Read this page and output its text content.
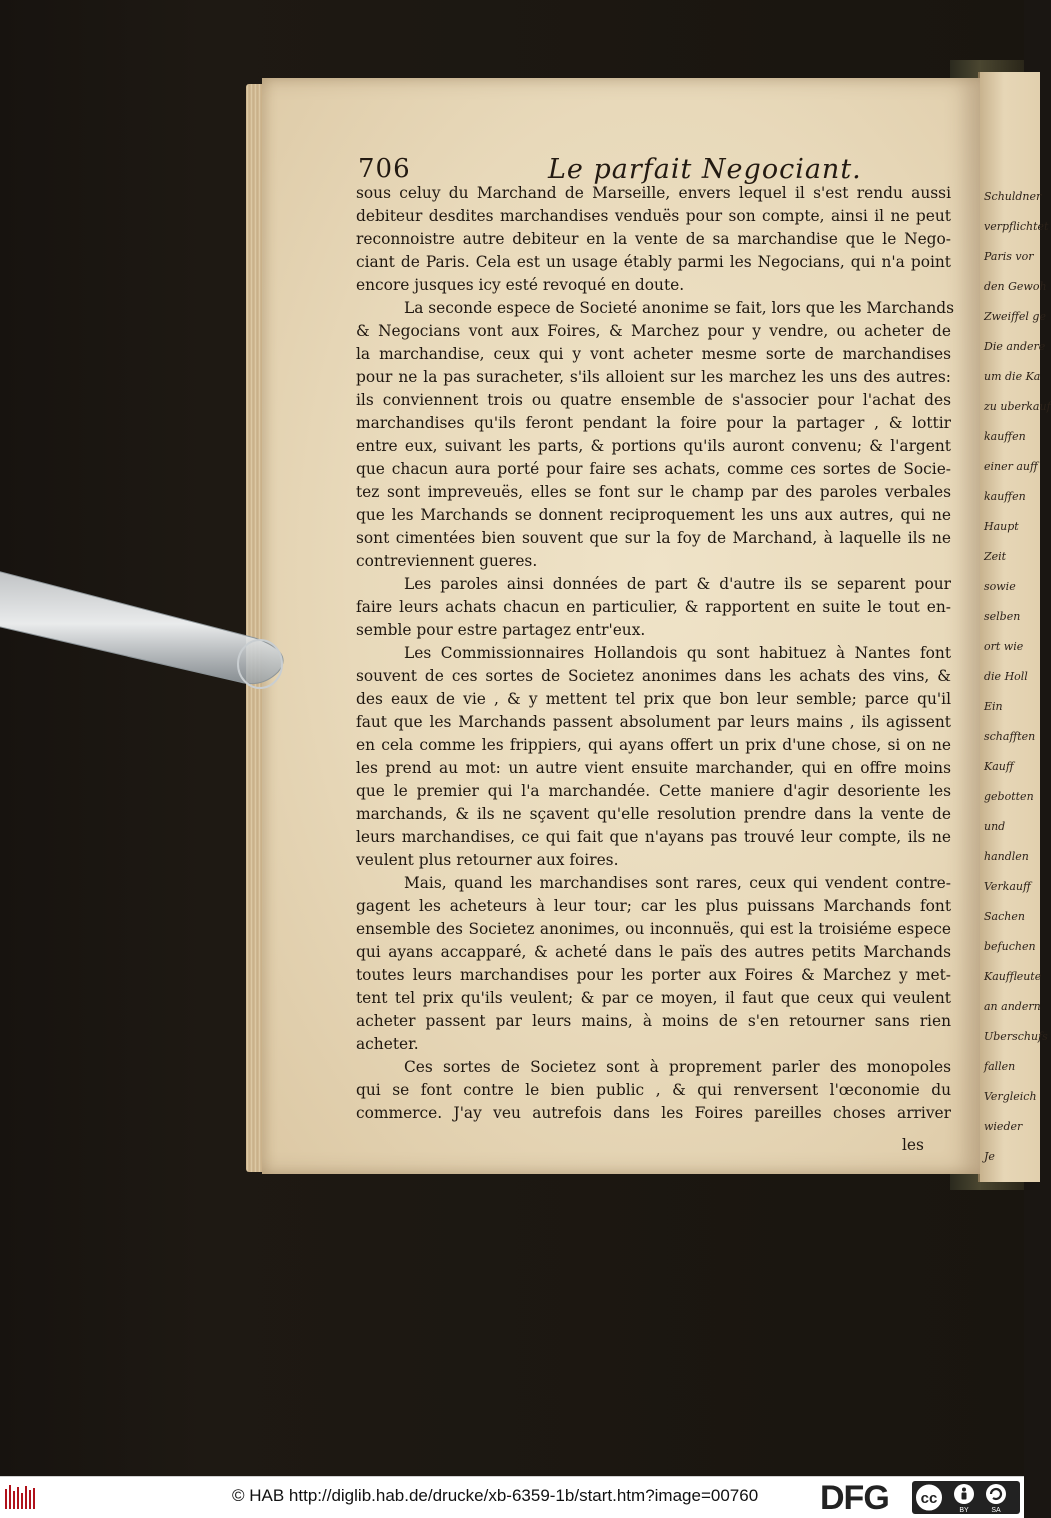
Schuldner
verpflichtet
Paris vor
den Gewoh
Zweiffel ge
Die andere
um die Ka
zu uberkauf
kauffen
einer auff
kauffen
Haupt
Zeit
sowie
selben
ort wie
die Holl
Ein
schafften
Kauff
gebotten
und
handlen
Verkauff
Sachen
befuchen
Kauffleute
an andern
Uberschufs
fallen
Vergleich
wieder
Je
706	Le parfait Negociant.
sous celuy du Marchand de Marseille, envers lequel il s'est rendu aussi
debiteur desdites marchandises venduës pour son compte, ainsi il ne peut
reconnoistre autre debiteur en la vente de sa marchandise que le Nego-
ciant de Paris. Cela est un usage étably parmi les Negocians, qui n'a point
encore jusques icy esté revoqué en doute.
La seconde espece de Societé anonime se fait, lors que les Marchands
& Negocians vont aux Foires, & Marchez pour y vendre, ou acheter de
la marchandise, ceux qui y vont acheter mesme sorte de marchandises
pour ne la pas suracheter, s'ils alloient sur les marchez les uns des autres:
ils conviennent trois ou quatre ensemble de s'associer pour l'achat des
marchandises qu'ils feront pendant la foire pour la partager , & lottir
entre eux, suivant les parts, & portions qu'ils auront convenu; & l'argent
que chacun aura porté pour faire ses achats, comme ces sortes de Socie-
tez sont impreveuës, elles se font sur le champ par des paroles verbales
que les Marchands se donnent reciproquement les uns aux autres, qui ne
sont cimentées bien souvent que sur la foy de Marchand, à laquelle ils ne
contreviennent gueres.
Les paroles ainsi données de part & d'autre ils se separent pour
faire leurs achats chacun en particulier, & rapportent en suite le tout en-
semble pour estre partagez entr'eux.
Les Commissionnaires Hollandois qu sont habituez à Nantes font
souvent de ces sortes de Societez anonimes dans les achats des vins, &
des eaux de vie , & y mettent tel prix que bon leur semble; parce qu'il
faut que les Marchands passent absolument par leurs mains , ils agissent
en cela comme les frippiers, qui ayans offert un prix d'une chose, si on ne
les prend au mot: un autre vient ensuite marchander, qui en offre moins
que le premier qui l'a marchandée. Cette maniere d'agir desoriente les
marchands, & ils ne sçavent qu'elle resolution prendre dans la vente de
leurs marchandises, ce qui fait que n'ayans pas trouvé leur compte, ils ne
veulent plus retourner aux foires.
Mais, quand les marchandises sont rares, ceux qui vendent contre-
gagent les acheteurs à leur tour; car les plus puissans Marchands font
ensemble des Societez anonimes, ou inconnuës, qui est la troisiéme espece
qui ayans accapparé, & acheté dans le païs des autres petits Marchands
toutes leurs marchandises pour les porter aux Foires & Marchez y met-
tent tel prix qu'ils veulent; & par ce moyen, il faut que ceux qui veulent
acheter passent par leurs mains, à moins de s'en retourner sans rien
acheter.
Ces sortes de Societez sont à proprement parler des monopoles
qui se font contre le bien public , & qui renversent l'œconomie du
commerce. J'ay veu autrefois dans les Foires pareilles choses arriver
les
© HAB http://diglib.hab.de/drucke/xb-6359-1b/start.htm?image=00760 DFG cc
BY	SA
